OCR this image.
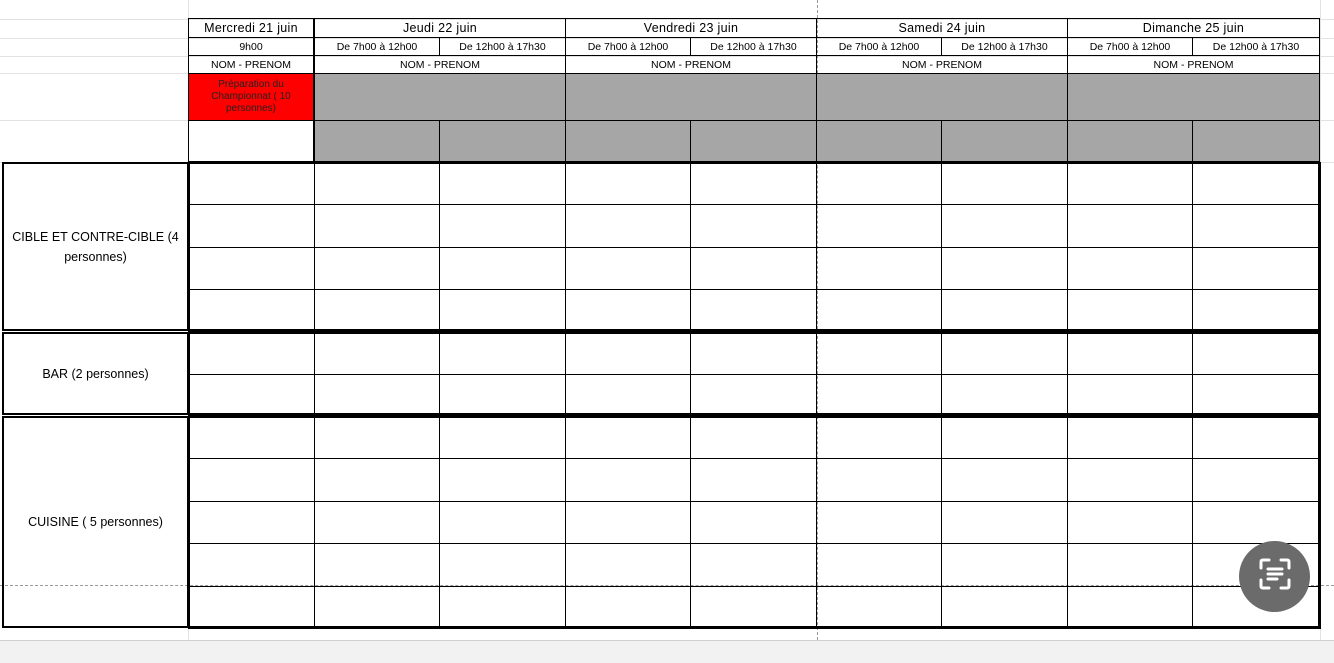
Mercredi 21 juin	Jeudi 22 juin	Vendredi 23 juin	Samedi 24 juin	Dimanche 25 juin
9h00	De 7h00 à 12h00	De 12h00 à 17h30	De 7h00 à 12h00	De 12h00 à 17h30	De 7h00 à 12h00	De 12h00 à 17h30	De 7h00 à 12h00	De 12h00 à 17h30
NOM - PRENOM	NOM - PRENOM	NOM - PRENOM	NOM - PRENOM	NOM - PRENOM
Préparation du Championnat ( 10 personnes)
CIBLE ET CONTRE-CIBLE (4 personnes)
BAR (2 personnes)
CUISINE ( 5 personnes)
